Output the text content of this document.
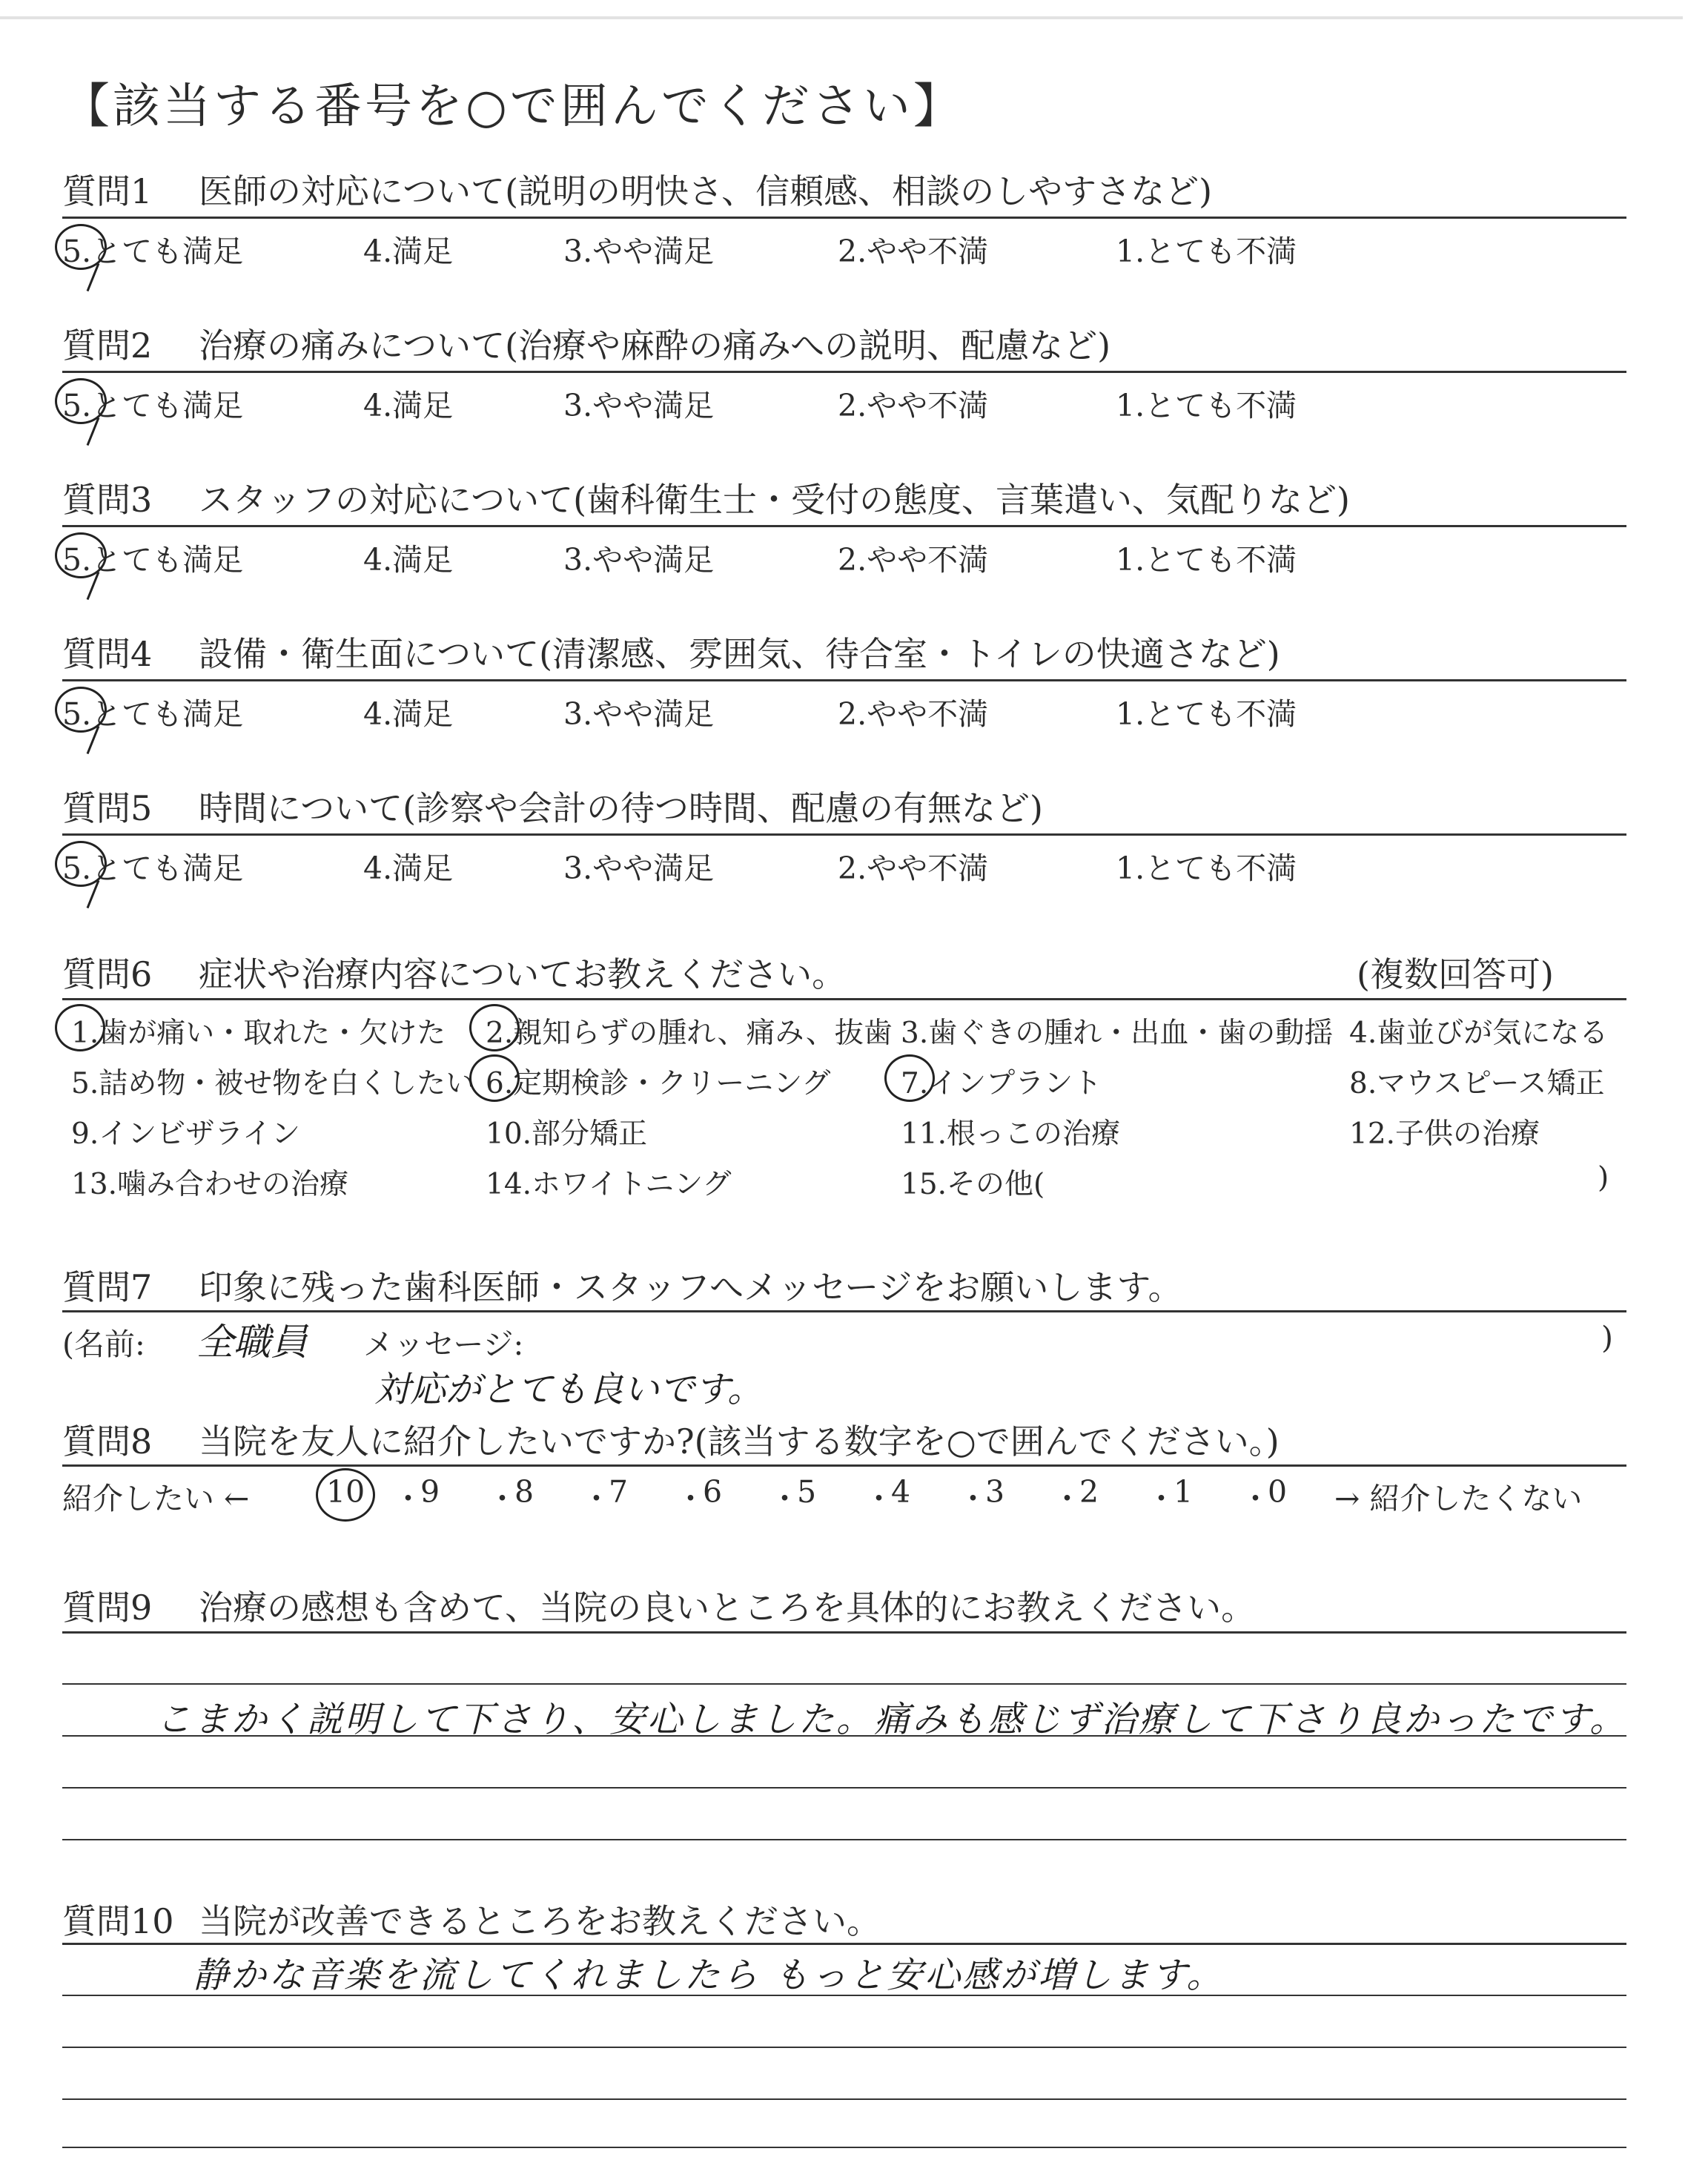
【該当する番号を○で囲んでください】
質問1 医師の対応について(説明の明快さ、信頼感、相談のしやすさなど)
5.とても満足	4.満足	3.やや満足	2.やや不満	1.とても不満
質問2 治療の痛みについて(治療や麻酔の痛みへの説明、配慮など)
5.とても満足	4.満足	3.やや満足	2.やや不満	1.とても不満
質問3 スタッフの対応について(歯科衛生士・受付の態度、言葉遣い、気配りなど)
5.とても満足	4.満足	3.やや満足	2.やや不満	1.とても不満
質問4 設備・衛生面について(清潔感、雰囲気、待合室・トイレの快適さなど)
5.とても満足	4.満足	3.やや満足	2.やや不満	1.とても不満
質問5 時間について(診察や会計の待つ時間、配慮の有無など)
5.とても満足	4.満足	3.やや満足	2.やや不満	1.とても不満
質問6 症状や治療内容についてお教えください。	(複数回答可)
1.歯が痛い・取れた・欠けた 2.親知らずの腫れ、痛み、抜歯 3.歯ぐきの腫れ・出血・歯の動揺 4.歯並びが気になる
5.詰め物・被せ物を白くしたい 6.定期検診・クリーニング 7.インプラント	8.マウスピース矯正
9.インビザライン	10.部分矯正	11.根っこの治療	12.子供の治療
13.噛み合わせの治療	14.ホワイトニング	15.その他(	)
質問7 印象に残った歯科医師・スタッフへメッセージをお願いします。
(名前: 全職員 メッセージ:	)
対応がとても良いです。
質問8 当院を友人に紹介したいですか?(該当する数字を○で囲んでください。)
紹介したい ←	10 ・
9 ・
8 ・
7 ・
6 ・
5 ・
4 ・
3 ・
2 ・
1 ・
0 → 紹介したくない
質問9 治療の感想も含めて、当院の良いところを具体的にお教えください。
こまかく説明して下さり、安心しました。痛みも感じず治療して下さり良かったです。
質問10 当院が改善できるところをお教えください。
静かな音楽を流してくれましたら もっと安心感が増します。
